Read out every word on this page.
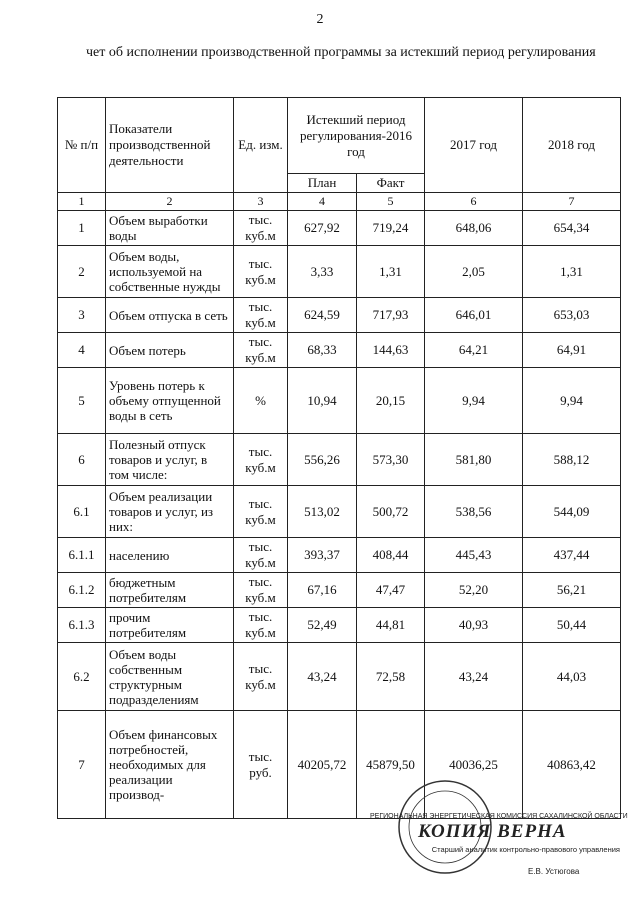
2
чет об исполнении производственной программы за истекший период регулирования
№ п/п	Показатели производственной деятельности	Ед. изм.	Истекший период регулирования-2016 год		2017 год	2018 год
			План	Факт		
1	2	3	4	5	6	7
1	Объем выработки воды	тыс. куб.м	627,92	719,24	648,06	654,34
2	Объем воды, используемой на собственные нужды	тыс. куб.м	3,33	1,31	2,05	1,31
3	Объем отпуска в сеть	тыс. куб.м	624,59	717,93	646,01	653,03
4	Объем потерь	тыс. куб.м	68,33	144,63	64,21	64,91
5	Уровень потерь к объему отпущенной воды в сеть	%	10,94	20,15	9,94	9,94
6	Полезный отпуск товаров и услуг, в том числе:	тыс. куб.м	556,26	573,30	581,80	588,12
6.1	Объем реализации товаров и услуг, из них:	тыс. куб.м	513,02	500,72	538,56	544,09
6.1.1	населению	тыс. куб.м	393,37	408,44	445,43	437,44
6.1.2	бюджетным потребителям	тыс. куб.м	67,16	47,47	52,20	56,21
6.1.3	прочим потребителям	тыс. куб.м	52,49	44,81	40,93	50,44
6.2	Объем воды собственным структурным подразделениям	тыс. куб.м	43,24	72,58	43,24	44,03
7	Объем финансовых потребностей, необходимых для реализации производ-	тыс. руб.	40205,72	45879,50	40036,25	40863,42
РЕГИОНАЛЬНАЯ ЭНЕРГЕТИЧЕСКАЯ КОМИССИЯ САХАЛИНСКОЙ ОБЛАСТИ
КОПИЯ ВЕРНА
Старший аналитик контрольно-правового управления
Е.В. Устюгова
